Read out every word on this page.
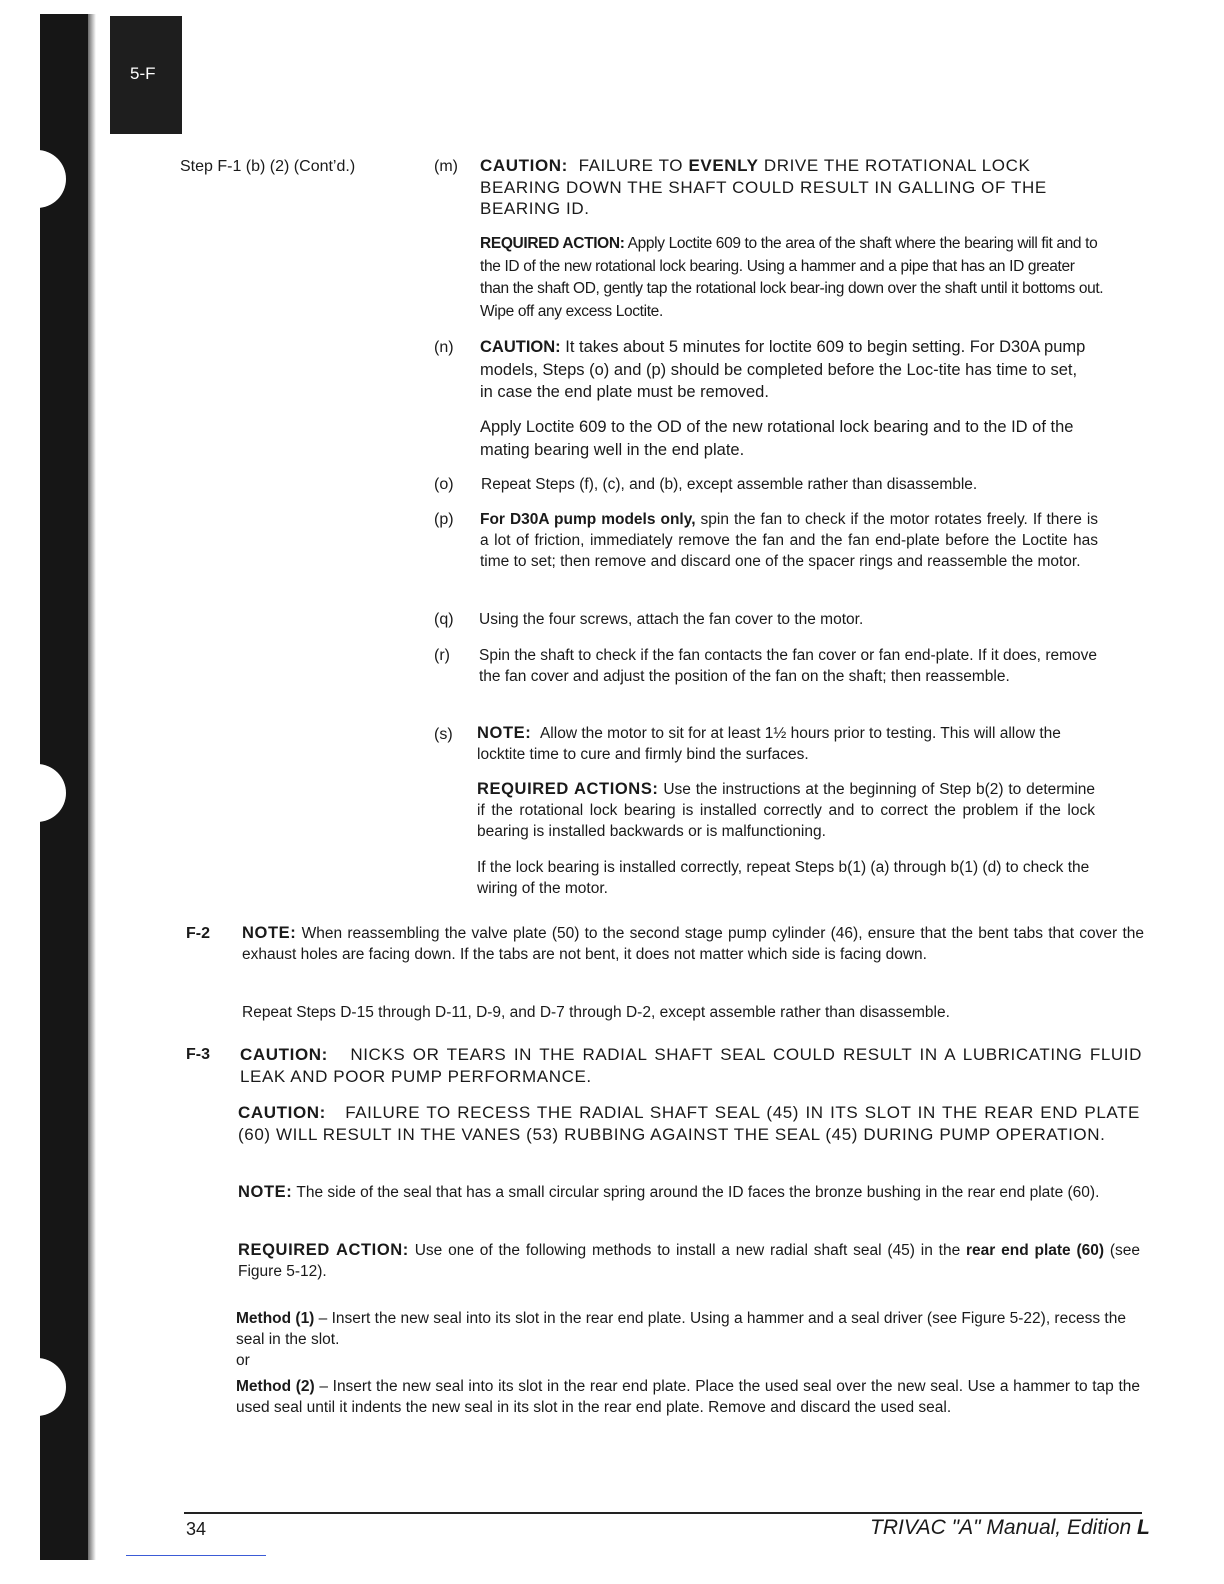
5-F
Step F-1 (b) (2) (Cont’d.)	(m) CAUTION: FAILURE TO EVENLY DRIVE THE ROTATIONAL LOCK BEARING DOWN THE SHAFT COULD RESULT IN GALLING OF THE BEARING ID.
REQUIRED ACTION: Apply Loctite 609 to the area of the shaft where the bearing will fit and to the ID of the new rotational lock bearing. Using a hammer and a pipe that has an ID greater than the shaft OD, gently tap the rotational lock bear-ing down over the shaft until it bottoms out. Wipe off any excess Loctite.
(n) CAUTION: It takes about 5 minutes for loctite 609 to begin setting. For D30A pump models, Steps (o) and (p) should be completed before the Loc-tite has time to set, in case the end plate must be removed.
Apply Loctite 609 to the OD of the new rotational lock bearing and to the ID of the mating bearing well in the end plate.
(o) Repeat Steps (f), (c), and (b), except assemble rather than disassemble.
(p) For D30A pump models only, spin the fan to check if the motor rotates freely. If there is a lot of friction, immediately remove the fan and the fan end-plate before the Loctite has time to set; then remove and discard one of the spacer rings and reassemble the motor.
(q) Using the four screws, attach the fan cover to the motor.
(r) Spin the shaft to check if the fan contacts the fan cover or fan end-plate. If it does, remove the fan cover and adjust the position of the fan on the shaft; then reassemble.
(s) NOTE: Allow the motor to sit for at least 1½ hours prior to testing. This will allow the locktite time to cure and firmly bind the surfaces.
REQUIRED ACTIONS: Use the instructions at the beginning of Step b(2) to determine if the rotational lock bearing is installed correctly and to correct the problem if the lock bearing is installed backwards or is malfunctioning.
If the lock bearing is installed correctly, repeat Steps b(1) (a) through b(1) (d) to check the wiring of the motor.
F-2 NOTE: When reassembling the valve plate (50) to the second stage pump cylinder (46), ensure that the bent tabs that cover the exhaust holes are facing down. If the tabs are not bent, it does not matter which side is facing down.
Repeat Steps D-15 through D-11, D-9, and D-7 through D-2, except assemble rather than disassemble.
F-3 CAUTION: NICKS OR TEARS IN THE RADIAL SHAFT SEAL COULD RESULT IN A LUBRICATING FLUID LEAK AND POOR PUMP PERFORMANCE.
CAUTION: FAILURE TO RECESS THE RADIAL SHAFT SEAL (45) IN ITS SLOT IN THE REAR END PLATE (60) WILL RESULT IN THE VANES (53) RUBBING AGAINST THE SEAL (45) DURING PUMP OPERATION.
NOTE: The side of the seal that has a small circular spring around the ID faces the bronze bushing in the rear end plate (60).
REQUIRED ACTION: Use one of the following methods to install a new radial shaft seal (45) in the rear end plate (60) (see Figure 5-12).
Method (1) – Insert the new seal into its slot in the rear end plate. Using a hammer and a seal driver (see Figure 5-22), recess the seal in the slot.
or
Method (2) – Insert the new seal into its slot in the rear end plate. Place the used seal over the new seal. Use a hammer to tap the used seal until it indents the new seal in its slot in the rear end plate. Remove and discard the used seal.
34	TRIVAC "A" Manual, Edition L
